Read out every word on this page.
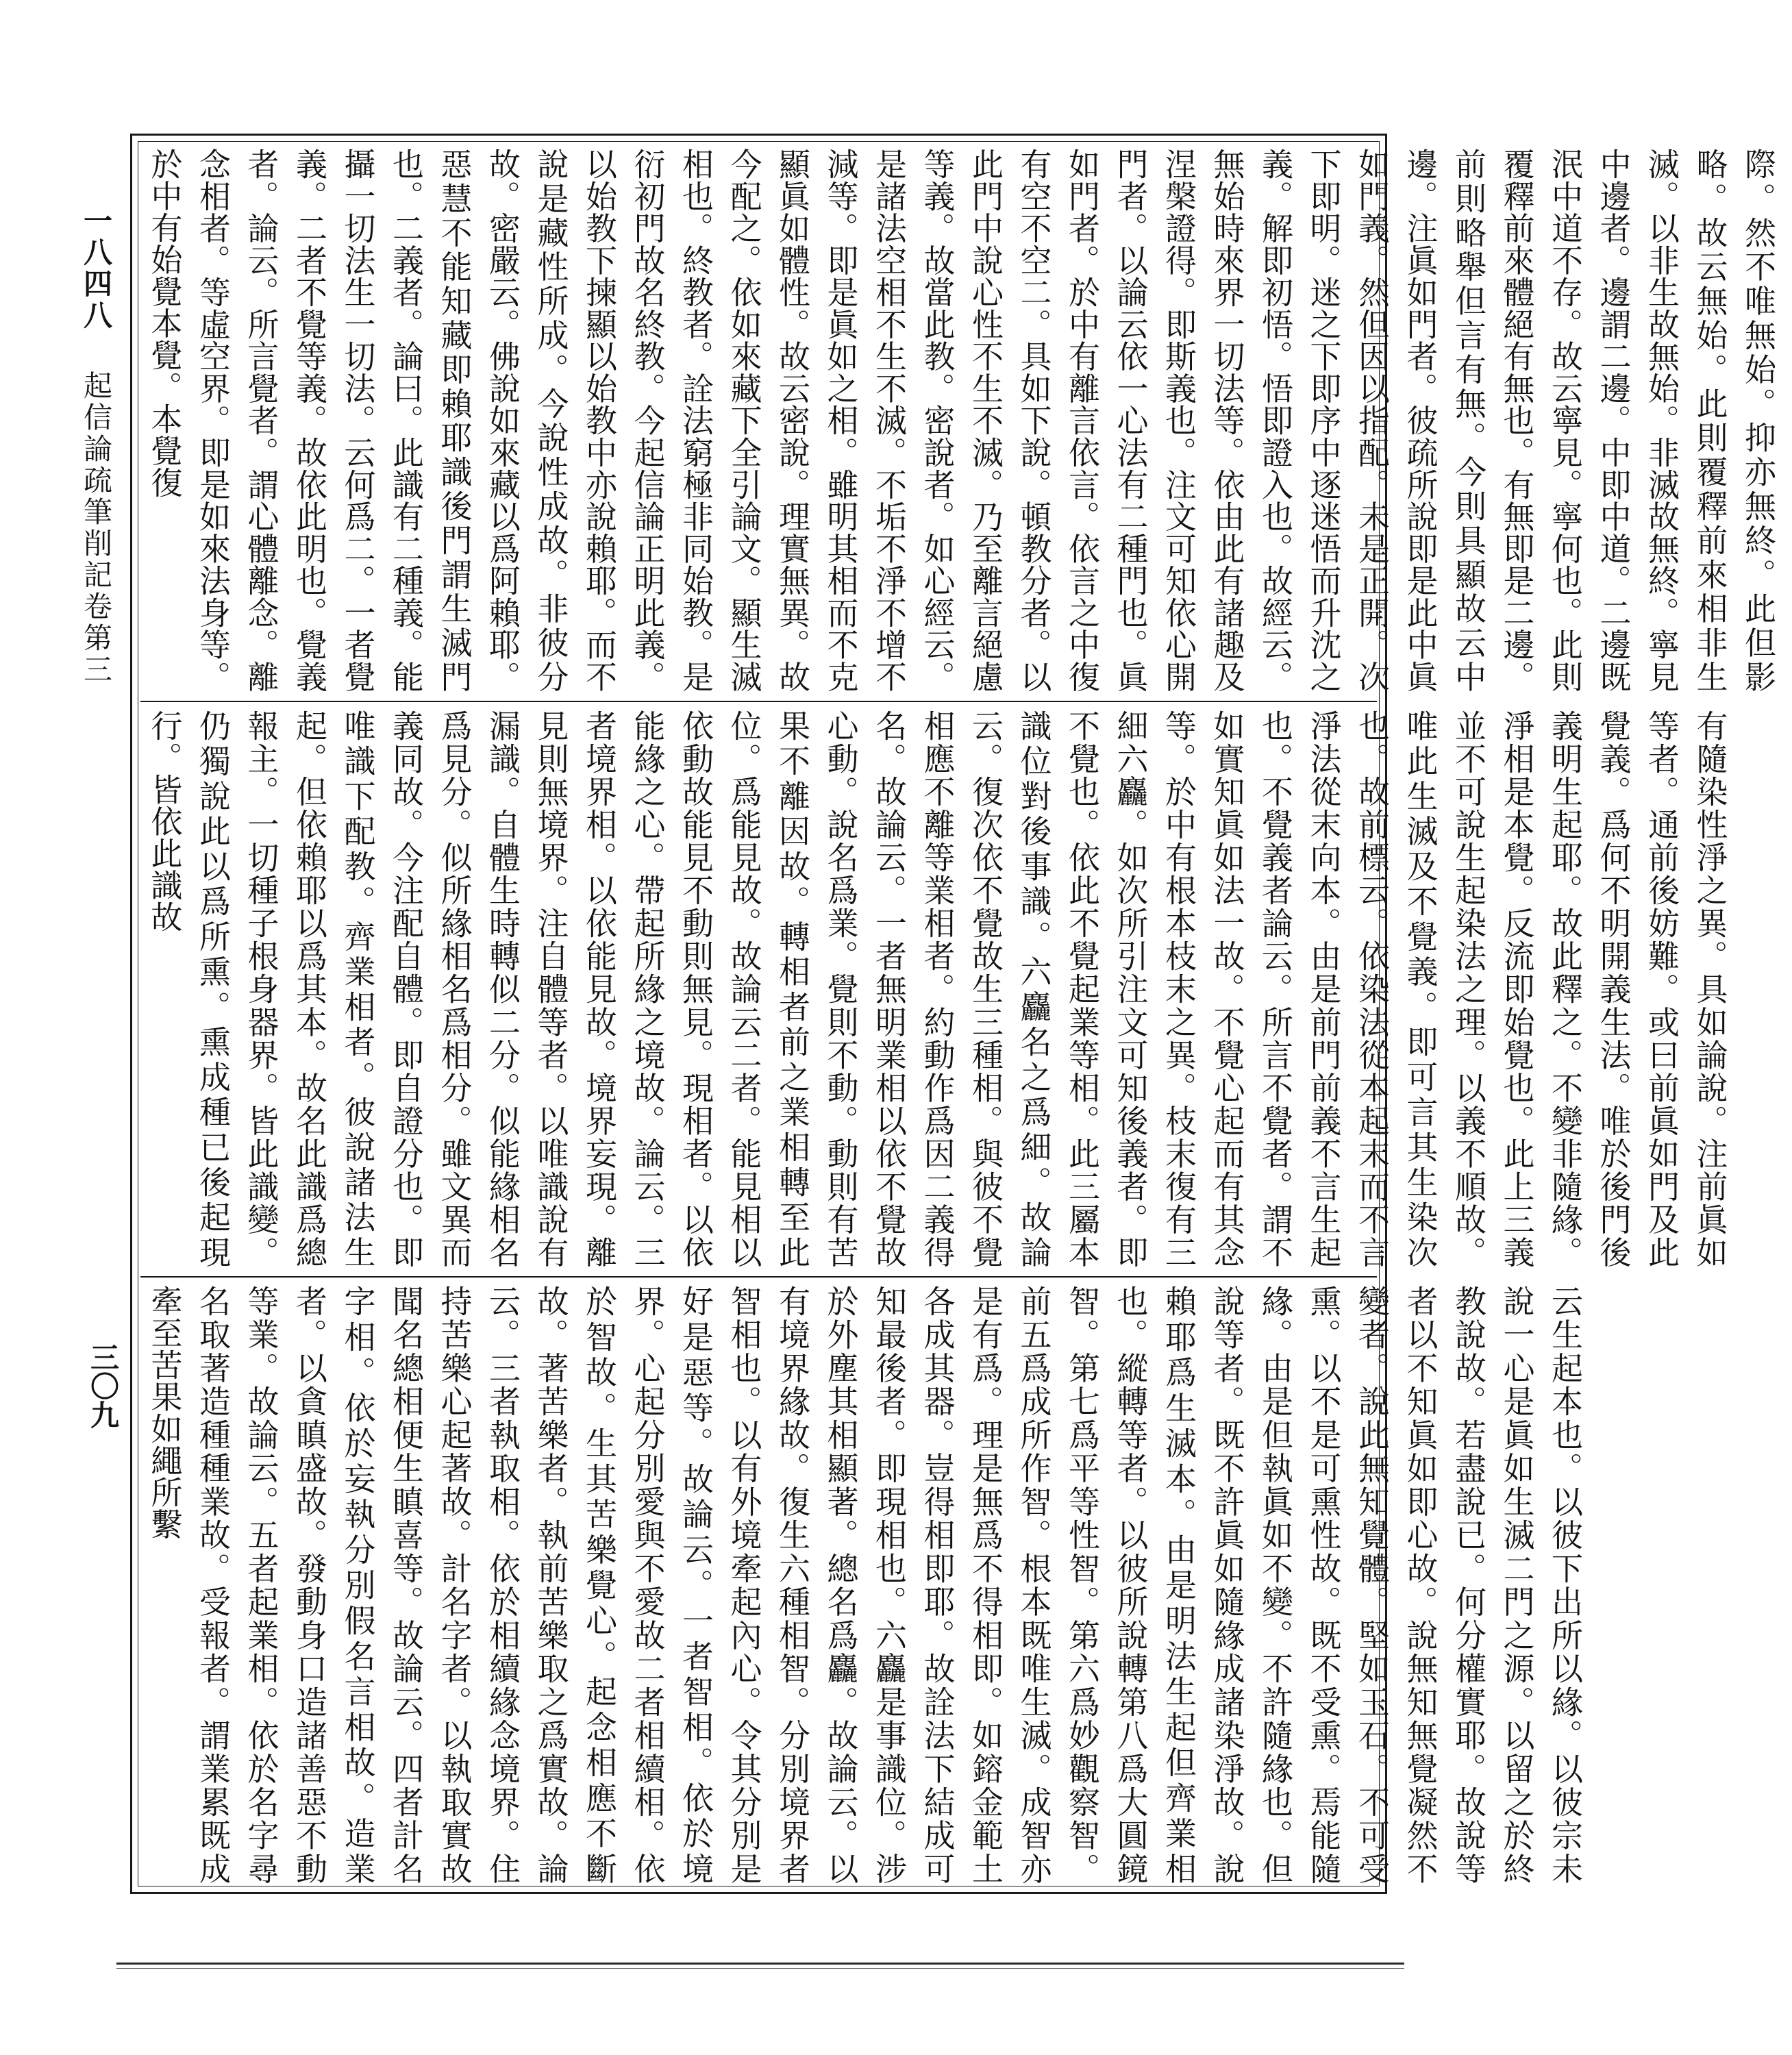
一八四八 起信論疏筆削記卷第三
三〇九
際。然不唯無始。抑亦無終。此但影略。故云無始。此則覆釋前來相非生滅。以非生故無始。非滅故無終。寧見中邊者。邊謂二邊。中即中道。二邊既泯中道不存。故云寧見。寧何也。此則覆釋前來體絕有無也。有無即是二邊。前則略舉但言有無。今則具顯故云中邊。注眞如門者。彼疏所說即是此中眞如門義。然但因以指配。未是正開。次下即明。迷之下即序中逐迷悟而升沈之義。解即初悟。悟即證入也。故經云。無始時來界一切法等。依由此有諸趣及涅槃證得。即斯義也。注文可知依心開門者。以論云依一心法有二種門也。眞如門者。於中有離言依言。依言之中復有空不空二。具如下說。頓教分者。以此門中說心性不生不滅。乃至離言絕慮等義。故當此教。密說者。如心經云。是諸法空相不生不滅。不垢不淨不增不減等。即是眞如之相。雖明其相而不克顯眞如體性。故云密說。理實無異。故今配之。依如來藏下全引論文。顯生滅相也。終教者。詮法窮極非同始教。是衍初門故名終教。今起信論正明此義。以始教下揀顯以始教中亦說賴耶。而不說是藏性所成。今說性成故。非彼分故。密嚴云。佛說如來藏以爲阿賴耶。惡慧不能知藏即賴耶識後門謂生滅門也。二義者。論曰。此識有二種義。能攝一切法生一切法。云何爲二。一者覺義。二者不覺等義。故依此明也。覺義者。論云。所言覺者。謂心體離念。離念相者。等虛空界。即是如來法身等。於中有始覺本覺。本覺復
有隨染性淨之異。具如論說。注前眞如等者。通前後妨難。或曰前眞如門及此覺義。爲何不明開義生法。唯於後門後義明生起耶。故此釋之。不變非隨緣。淨相是本覺。反流即始覺也。此上三義並不可說生起染法之理。以義不順故。唯此生滅及不覺義。即可言其生染次也。故前標云。依染法從本起末而不言淨法從末向本。由是前門前義不言生起也。不覺義者論云。所言不覺者。謂不如實知眞如法一故。不覺心起而有其念等。於中有根本枝末之異。枝末復有三細六麤。如次所引注文可知後義者。即不覺也。依此不覺起業等相。此三屬本識位對後事識。六麤名之爲細。故論云。復次依不覺故生三種相。與彼不覺相應不離等業相者。約動作爲因二義得名。故論云。一者無明業相以依不覺故心動。說名爲業。覺則不動。動則有苦果不離因故。轉相者前之業相轉至此位。爲能見故。故論云二者。能見相以依動故能見不動則無見。現相者。以依能緣之心。帶起所緣之境故。論云。三者境界相。以依能見故。境界妄現。離見則無境界。注自體等者。以唯識說有漏識。自體生時轉似二分。似能緣相名爲見分。似所緣相名爲相分。雖文異而義同故。今注配自體。即自證分也。即唯識下配教。齊業相者。彼說諸法生起。但依賴耶以爲其本。故名此識爲總報主。一切種子根身器界。皆此識變。仍獨說此以爲所熏。熏成種已後起現行。皆依此識故
云生起本也。以彼下出所以緣。以彼宗未說一心是眞如生滅二門之源。以留之於終教說故。若盡說已。何分權實耶。故說等者以不知眞如即心故。說無知無覺凝然不變者。說此無知覺體。堅如玉石。不可受熏。以不是可熏性故。既不受熏。焉能隨緣。由是但執眞如不變。不許隨緣也。但說等者。既不許眞如隨緣成諸染淨故。說賴耶爲生滅本。由是明法生起但齊業相也。縱轉等者。以彼所說轉第八爲大圓鏡智。第七爲平等性智。第六爲妙觀察智。前五爲成所作智。根本既唯生滅。成智亦是有爲。理是無爲不得相即。如鎔金範土各成其器。豈得相即耶。故詮法下結成可知最後者。即現相也。六麤是事識位。涉於外塵其相顯著。總名爲麤。故論云。以有境界緣故。復生六種相智。分別境界者智相也。以有外境牽起內心。令其分別是好是惡等。故論云。一者智相。依於境界。心起分別愛與不愛故二者相續相。依於智故。生其苦樂覺心。起念相應不斷故。著苦樂者。執前苦樂取之爲實故。論云。三者執取相。依於相續緣念境界。住持苦樂心起著故。計名字者。以執取實故聞名總相便生瞋喜等。故論云。四者計名字相。依於妄執分別假名言相故。造業者。以貪瞋盛故。發動身口造諸善惡不動等業。故論云。五者起業相。依於名字尋名取著造種種業故。受報者。謂業累既成牽至苦果如繩所繫
